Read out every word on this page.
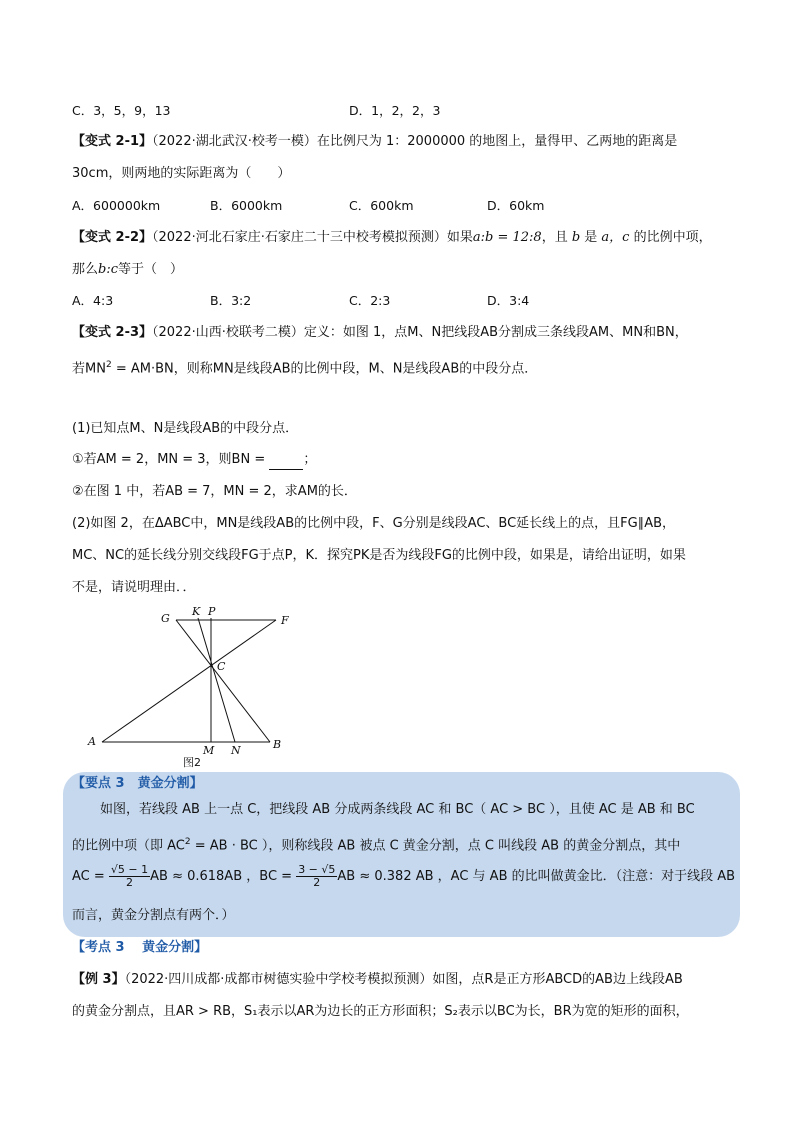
C．3，5，9，13	D．1，2，2，3
【变式 2-1】（2022·湖北武汉·校考一模）在比例尺为 1：2000000 的地图上，量得甲、乙两地的距离是
30cm，则两地的实际距离为（　　）
A．600000km	B．6000km	C．600km	D．60km
【变式 2-2】（2022·河北石家庄·石家庄二十三中校考模拟预测）如果a:b = 12:8，且 b 是 a，c 的比例中项，
那么b:c等于（　）
A．4:3	B．3:2	C．2:3	D．3:4
【变式 2-3】（2022·山西·校联考二模）定义：如图 1，点M、N把线段AB分割成三条线段AM、MN和BN，
若$MN^2 = AM\cdot BN$，则称MN是线段AB的比例中段，M、N是线段AB的中段分点．
(1)已知点M、N是线段AB的中段分点．
①若AM = 2，MN = 3，则BN =	；
②在图 1 中，若AB = 7，MN = 2，求AM的长．
(2)如图 2，在ΔABC中，MN是线段AB的比例中段，F、G分别是线段AC、BC延长线上的点，且FG∥AB，
MC、NC的延长线分别交线段FG于点P，K．探究PK是否为线段FG的比例中段，如果是，请给出证明，如果
不是，请说明理由．．
G
K P
F
C
A
M N	B
图2
【要点 3　黄金分割】
如图，若线段 AB 上一点 C，把线段 AB 分成两条线段 AC 和 BC（ AC > BC ），且使 AC 是 AB 和 BC
的比例中项（即 $AC^2$ = AB · BC ），则称线段 AB 被点 C 黄金分割，点 C 叫线段 AB 的黄金分割点，其中
AC = $\frac{√5 - 1}{2}$ AB ≈ 0.618AB ，BC = $\frac{3 - √5}{2}$ AB ≈ 0.382 AB ，AC 与 AB 的比叫做黄金比．（注意：对于线段 AB
而言，黄金分割点有两个．）
【考点 3　 黄金分割】
【例 3】（2022·四川成都·成都市树德实验中学校考模拟预测）如图，点R是正方形ABCD的AB边上线段AB
的黄金分割点，且AR > RB，S₁表示以AR为边长的正方形面积；S₂表示以BC为长，BR为宽的矩形的面积，
